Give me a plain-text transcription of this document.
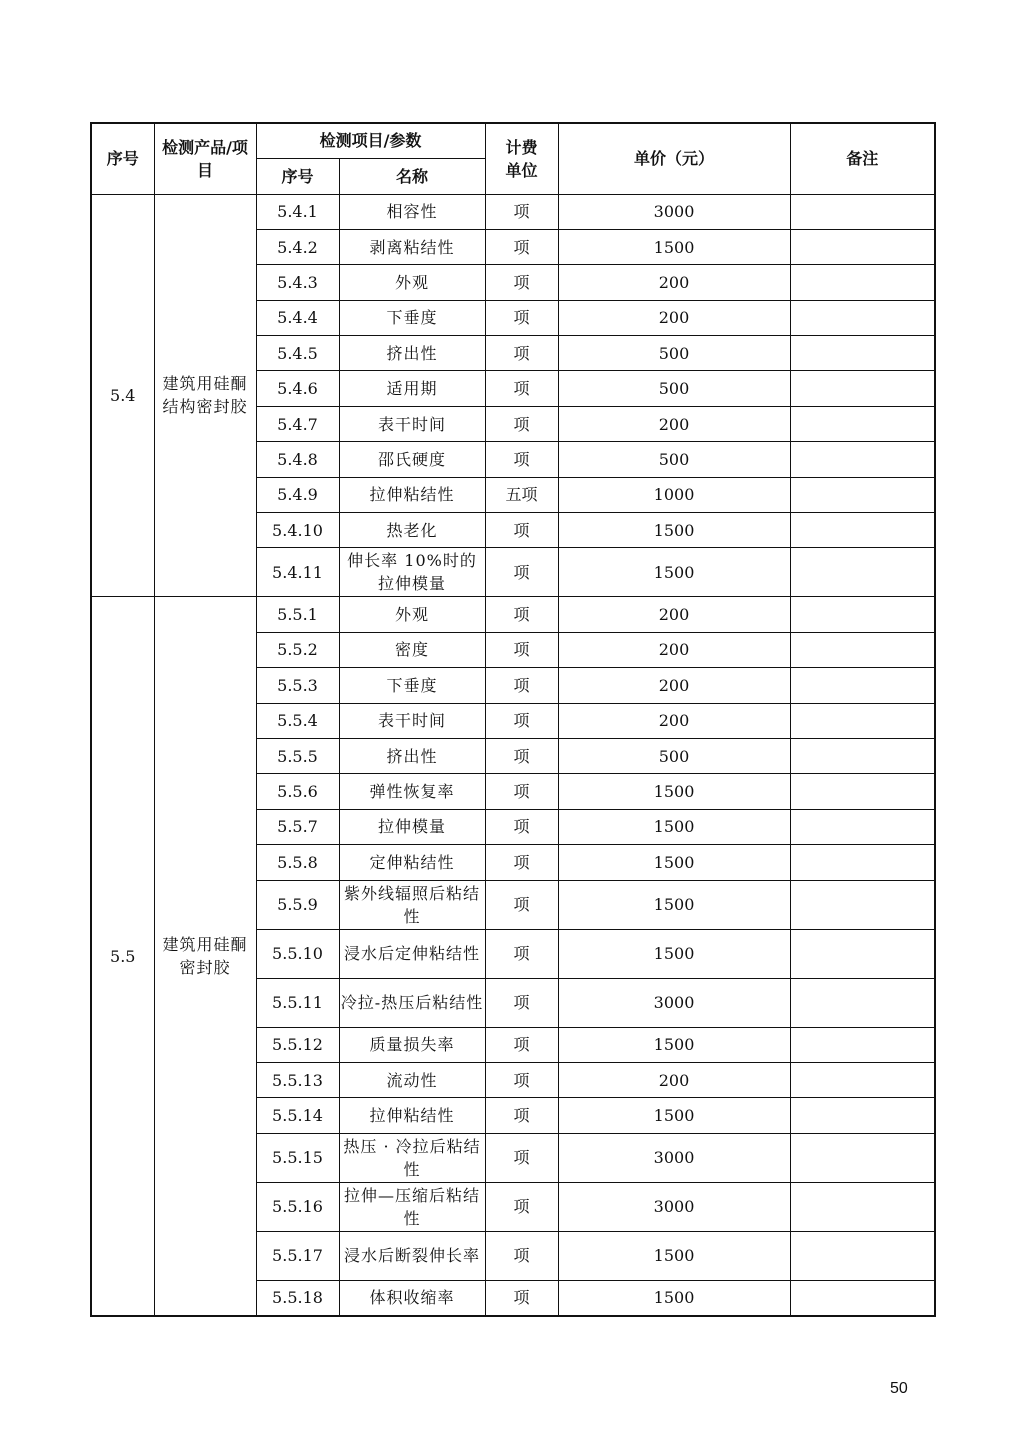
序号	检测产品/项目	检测项目/参数		计费单位	单价（元）	备注
		序号	名称			
5.4	建筑用硅酮结构密封胶	5.4.1	相容性	项	3000	
		5.4.2	剥离粘结性	项	1500	
		5.4.3	外观	项	200	
		5.4.4	下垂度	项	200	
		5.4.5	挤出性	项	500	
		5.4.6	适用期	项	500	
		5.4.7	表干时间	项	200	
		5.4.8	邵氏硬度	项	500	
		5.4.9	拉伸粘结性	五项	1000	
		5.4.10	热老化	项	1500	
		5.4.11	伸长率 10%时的拉伸模量	项	1500	
5.5	建筑用硅酮密封胶	5.5.1	外观	项	200	
		5.5.2	密度	项	200	
		5.5.3	下垂度	项	200	
		5.5.4	表干时间	项	200	
		5.5.5	挤出性	项	500	
		5.5.6	弹性恢复率	项	1500	
		5.5.7	拉伸模量	项	1500	
		5.5.8	定伸粘结性	项	1500	
		5.5.9	紫外线辐照后粘结性	项	1500	
		5.5.10	浸水后定伸粘结性	项	1500	
		5.5.11	冷拉-热压后粘结性	项	3000	
		5.5.12	质量损失率	项	1500	
		5.5.13	流动性	项	200	
		5.5.14	拉伸粘结性	项	1500	
		5.5.15	热压 · 冷拉后粘结性	项	3000	
		5.5.16	拉伸—压缩后粘结性	项	3000	
		5.5.17	浸水后断裂伸长率	项	1500	
		5.5.18	体积收缩率	项	1500	
50
